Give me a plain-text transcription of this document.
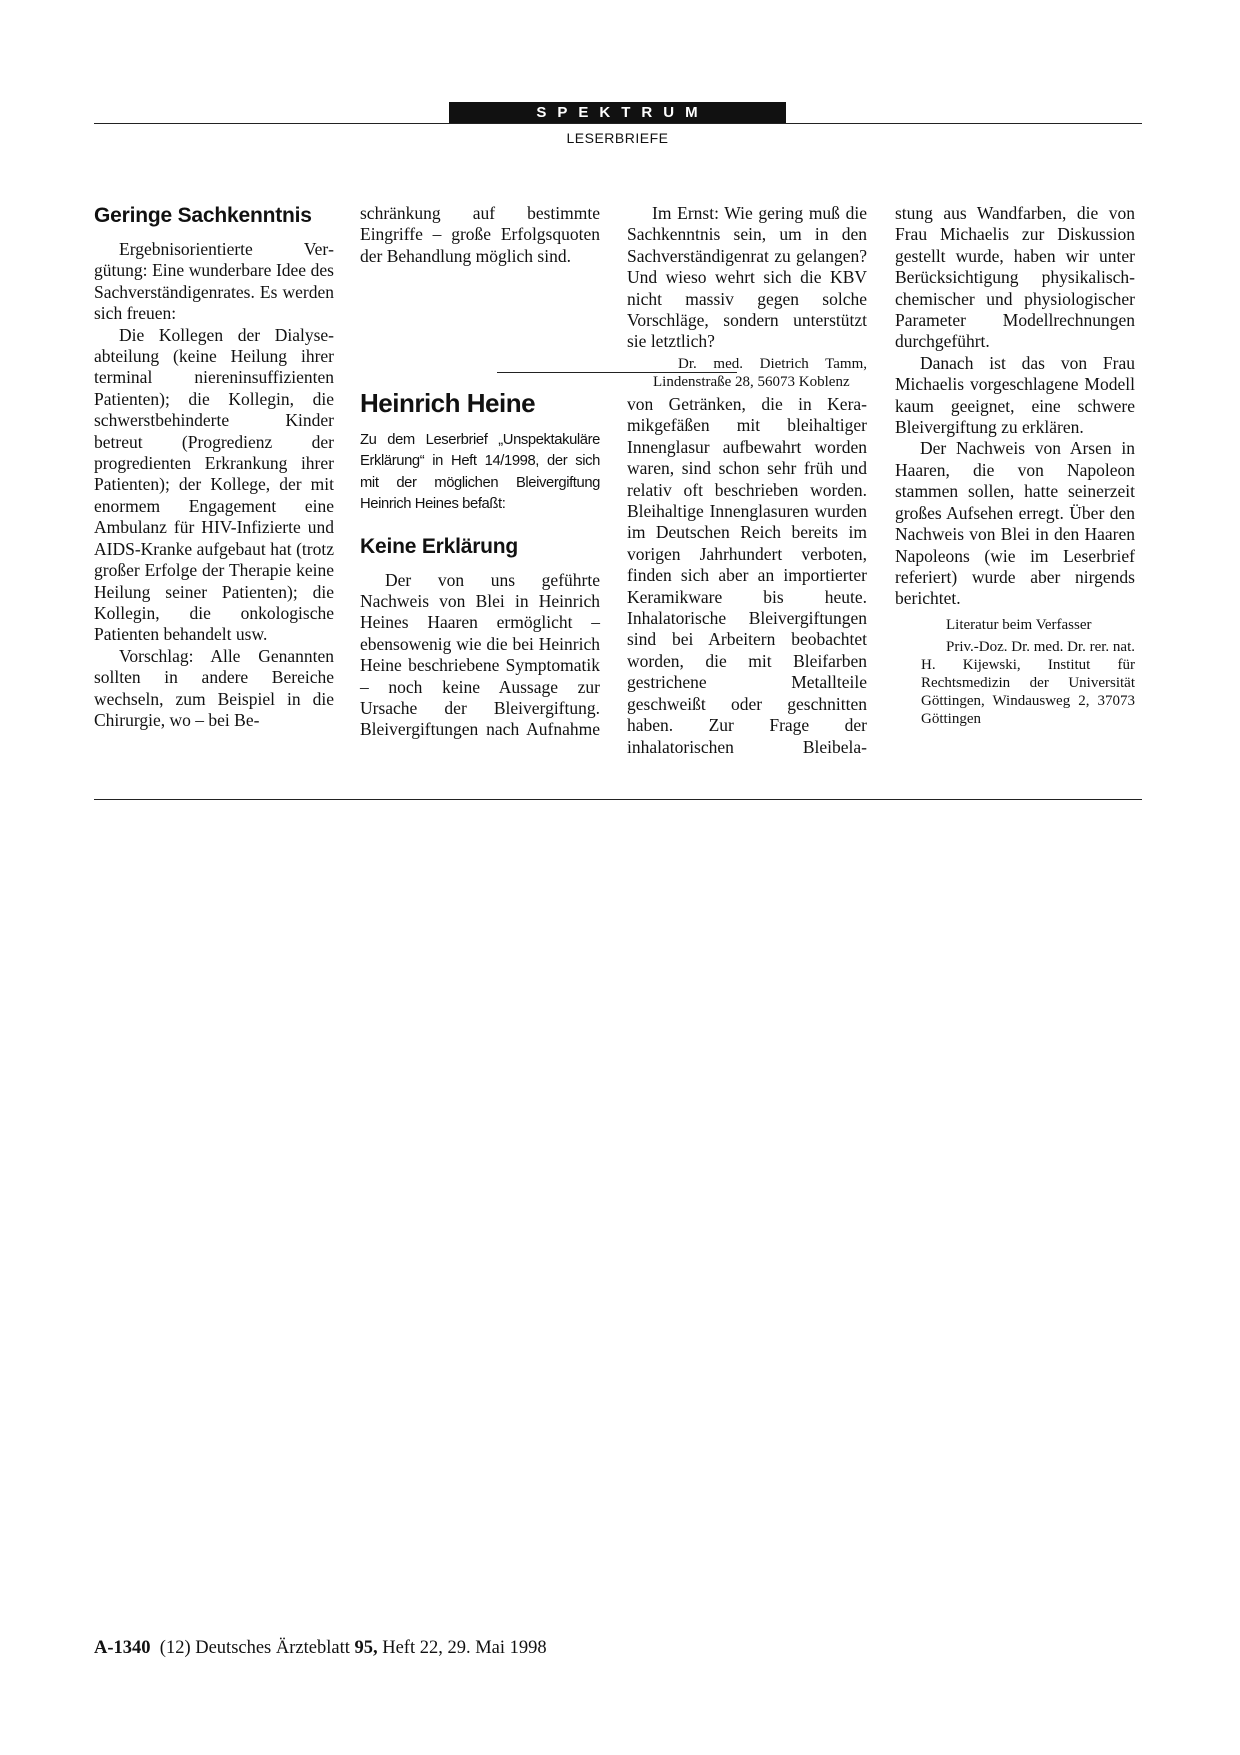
SPEKTRUM
LESERBRIEFE
Geringe Sachkenntnis

Ergebnisorientierte Vergütung: Eine wunderbare Idee des Sachverständigenrates. Es werden sich freuen:

Die Kollegen der Dialyseabteilung (keine Heilung ihrer terminal niereninsuffizienten Patienten); die Kollegin, die schwerstbehinderte Kinder betreut (Progredienz der progredienten Erkrankung ihrer Patienten); der Kollege, der mit enormem Engagement eine Ambulanz für HIV-Infizierte und AIDS-Kranke aufgebaut hat (trotz großer Erfolge der Therapie keine Heilung seiner Patienten); die Kollegin, die onkologische Patienten behandelt usw.

Vorschlag: Alle Genannten sollten in andere Bereiche wechseln, zum Beispiel in die Chirurgie, wo – bei Be-

schränkung auf bestimmte Eingriffe – große Erfolgsquoten der Behandlung möglich sind.

Im Ernst: Wie gering muß die Sachkenntnis sein, um in den Sachverständigenrat zu gelangen? Und wieso wehrt sich die KBV nicht massiv gegen solche Vorschläge, sondern unterstützt sie letztlich?

Dr. med. Dietrich Tamm, Lindenstraße 28, 56073 Koblenz

Heinrich Heine

Zu dem Leserbrief „Unspektakuläre Erklärung“ in Heft 14/1998, der sich mit der möglichen Bleivergiftung Heinrich Heines befaßt:

Keine Erklärung

Der von uns geführte Nachweis von Blei in Heinrich Heines Haaren ermöglicht – ebensowenig wie die bei Heinrich Heine beschriebene Symptomatik – noch keine Aussage zur Ursache der Bleivergiftung. Bleivergiftungen nach Aufnahme

von Getränken, die in Keramikgefäßen mit bleihaltiger Innenglasur aufbewahrt worden waren, sind schon sehr früh und relativ oft beschrieben worden. Bleihaltige Innenglasuren wurden im Deutschen Reich bereits im vorigen Jahrhundert verboten, finden sich aber an importierter Keramikware bis heute. Inhalatorische Bleivergiftungen sind bei Arbeitern beobachtet worden, die mit Bleifarben gestrichene Metallteile geschweißt oder geschnitten haben. Zur Frage der inhalatorischen Bleibela-

stung aus Wandfarben, die von Frau Michaelis zur Diskussion gestellt wurde, haben wir unter Berücksichtigung physikalisch-chemischer und physiologischer Parameter Modellrechnungen durchgeführt.

Danach ist das von Frau Michaelis vorgeschlagene Modell kaum geeignet, eine schwere Bleivergiftung zu erklären.

Der Nachweis von Arsen in Haaren, die von Napoleon stammen sollen, hatte seinerzeit großes Aufsehen erregt. Über den Nachweis von Blei in den Haaren Napoleons (wie im Leserbrief referiert) wurde aber nirgends berichtet.

Literatur beim Verfasser

Priv.-Doz. Dr. med. Dr. rer. nat. H. Kijewski, Institut für Rechtsmedizin der Universität Göttingen, Windausweg 2, 37073 Göttingen

A-1340 (12) Deutsches Ärzteblatt 95, Heft 22, 29. Mai 1998
